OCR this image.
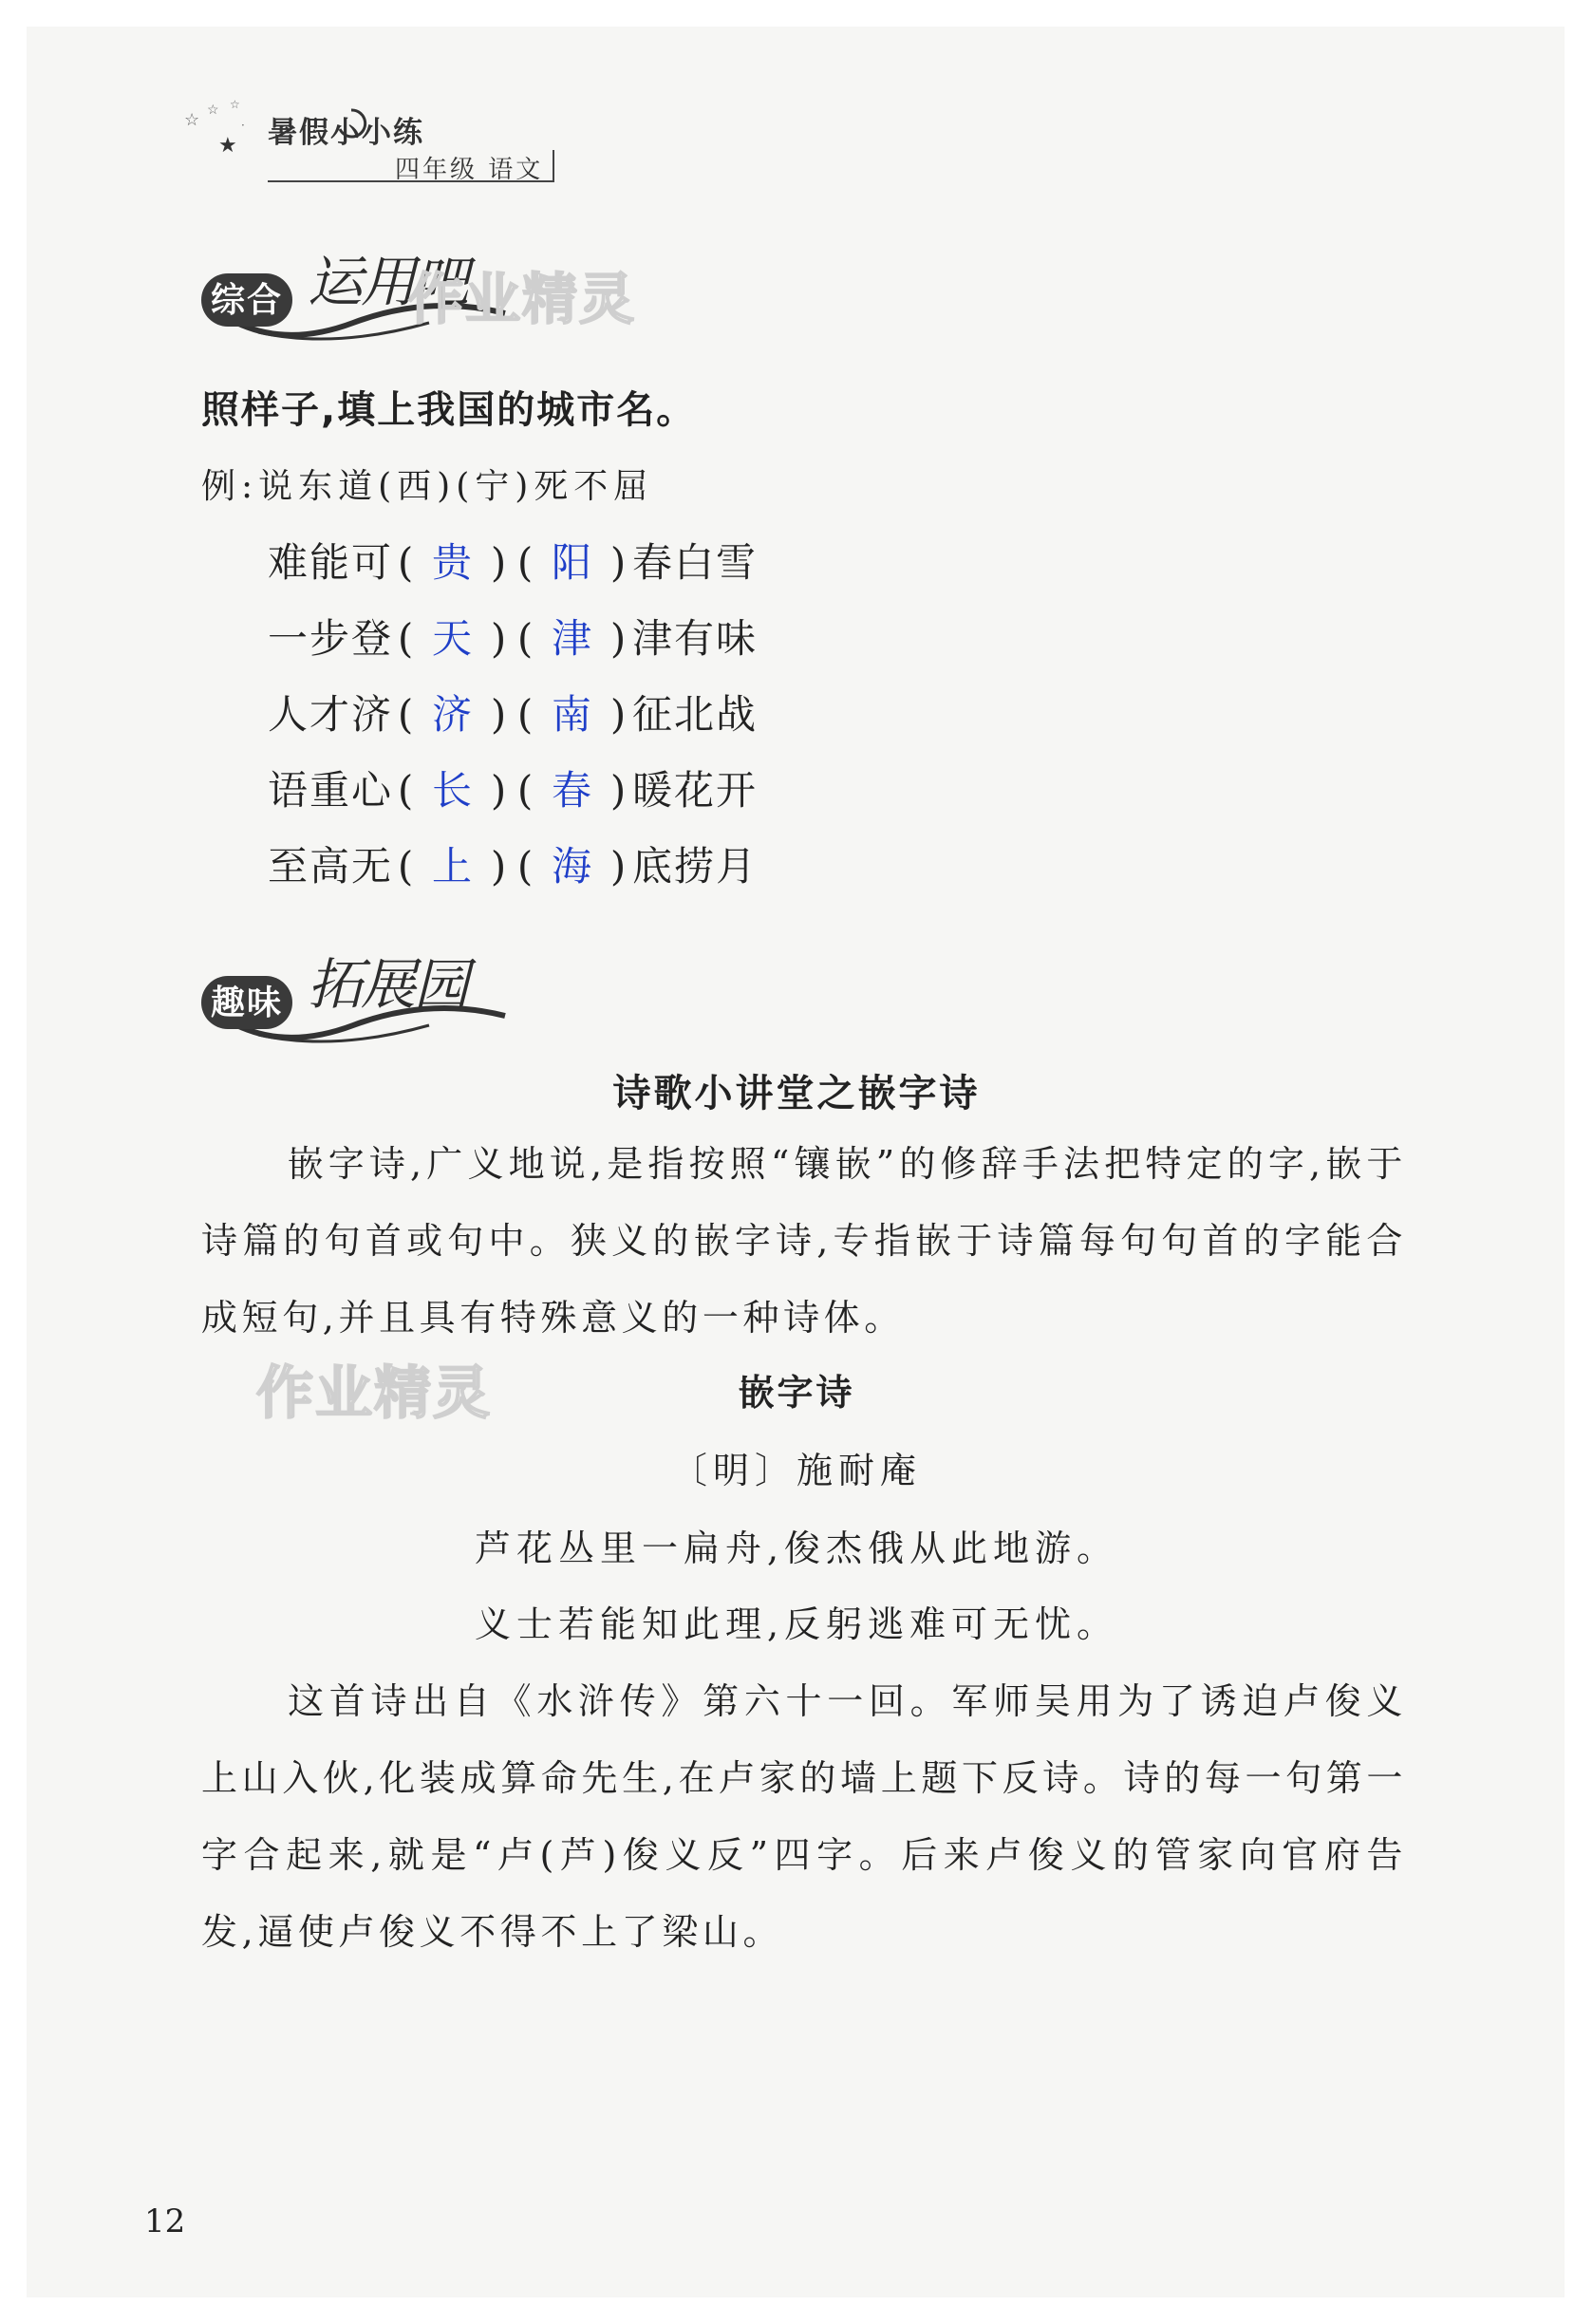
☆ ☆ ☆
★
· 暑假小小练
四年级 语文
综合 运用吧
作业精灵
照样子,填上我国的城市名。
例:说东道(西)(宁)死不屈
难能可 ( 贵 ) ( 阳 ) 春白雪
一步登 ( 天 ) ( 津 ) 津有味
人才济 ( 济 ) ( 南 ) 征北战
语重心 ( 长 ) ( 春 ) 暖花开
至高无 ( 上 ) ( 海 ) 底捞月
趣味 拓展园
诗歌小讲堂之嵌字诗
嵌字诗,广义地说,是指按照“镶嵌”的修辞手法把特定的字,嵌于诗篇的句首或句中。狭义的嵌字诗,专指嵌于诗篇每句句首的字能合成短句,并且具有特殊意义的一种诗体。
作业精灵	嵌字诗
〔明〕施耐庵
芦花丛里一扁舟,俊杰俄从此地游。
义士若能知此理,反躬逃难可无忧。
这首诗出自《水浒传》第六十一回。军师吴用为了诱迫卢俊义上山入伙,化装成算命先生,在卢家的墙上题下反诗。诗的每一句第一字合起来,就是“卢(芦)俊义反”四字。后来卢俊义的管家向官府告发,逼使卢俊义不得不上了梁山。
12
